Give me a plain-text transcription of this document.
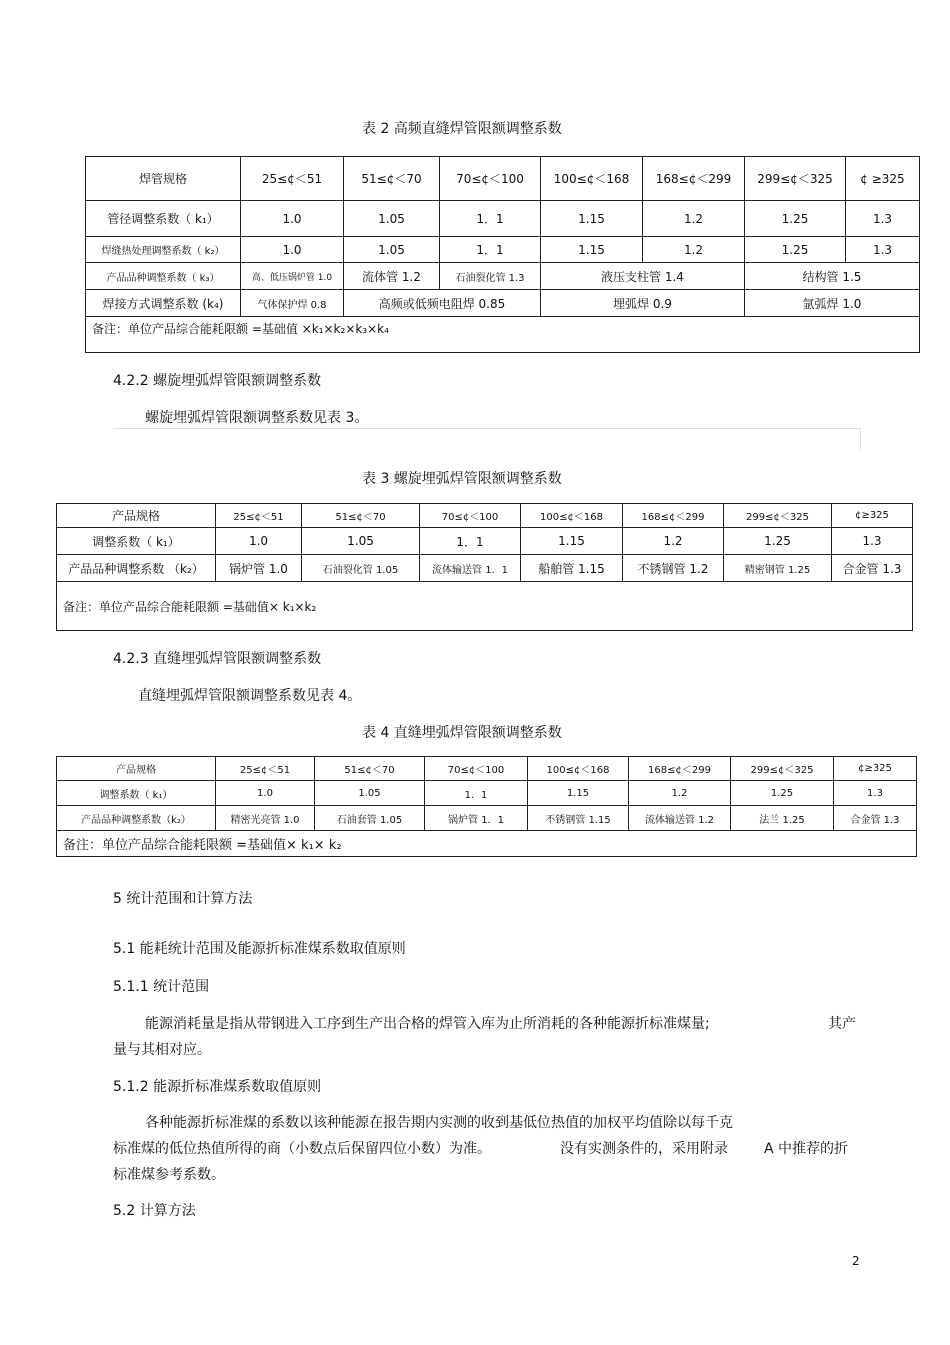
表 2 高频直缝焊管限额调整系数
焊管规格	25≤¢＜51	51≤¢＜70	70≤¢＜100	100≤¢＜168	168≤¢＜299	299≤¢＜325	¢ ≥325
管径调整系数（ k₁）	1.0	1.05	1．1	1.15	1.2	1.25	1.3
焊缝热处理调整系数（ k₂）	1.0	1.05	1．1	1.15	1.2	1.25	1.3
产品品种调整系数（ k₃）	高、低压锅炉管 1.0	流体管 1.2	石油裂化管 1.3	液压支柱管 1.4		结构管 1.5	
焊接方式调整系数 (k₄)	气体保护焊 0.8	高频或低频电阻焊 0.85		埋弧焊 0.9		氩弧焊 1.0	
备注：单位产品综合能耗限额 =基础值 ×k₁×k₂×k₃×k₄							
4.2.2 螺旋埋弧焊管限额调整系数
螺旋埋弧焊管限额调整系数见表 3。
表 3 螺旋埋弧焊管限额调整系数
产品规格	25≤¢＜51	51≤¢＜70	70≤¢＜100	100≤¢＜168	168≤¢＜299	299≤¢＜325	¢≥325
调整系数（ k₁）	1.0	1.05	1．1	1.15	1.2	1.25	1.3
产品品种调整系数 （k₂）	锅炉管 1.0	石油裂化管 1.05	流体输送管 1．1	船舶管 1.15	不锈钢管 1.2	精密钢管 1.25	合金管 1.3
备注：单位产品综合能耗限额 =基础值× k₁×k₂							
4.2.3 直缝埋弧焊管限额调整系数
直缝埋弧焊管限额调整系数见表 4。
表 4 直缝埋弧焊管限额调整系数
产品规格	25≤¢＜51	51≤¢＜70	70≤¢＜100	100≤¢＜168	168≤¢＜299	299≤¢＜325	¢≥325
调整系数（ k₁）	1.0	1.05	1．1	1.15	1.2	1.25	1.3
产品品种调整系数（k₂）	精密光亮管 1.0	石油套管 1.05	锅炉管 1．1	不锈钢管 1.15	流体输送管 1.2	法兰 1.25	合金管 1.3
备注：单位产品综合能耗限额 =基础值× k₁× k₂							
5 统计范围和计算方法
5.1 能耗统计范围及能源折标准煤系数取值原则
5.1.1 统计范围
能源消耗量是指从带钢进入工序到生产出合格的焊管入库为止所消耗的各种能源折标准煤量;	其产
量与其相对应。
5.1.2 能源折标准煤系数取值原则
各种能源折标准煤的系数以该种能源在报告期内实测的收到基低位热值的加权平均值除以每千克
标准煤的低位热值所得的商（小数点后保留四位小数）为准。	没有实测条件的，采用附录	A 中推荐的折
标准煤参考系数。
5.2 计算方法
2
